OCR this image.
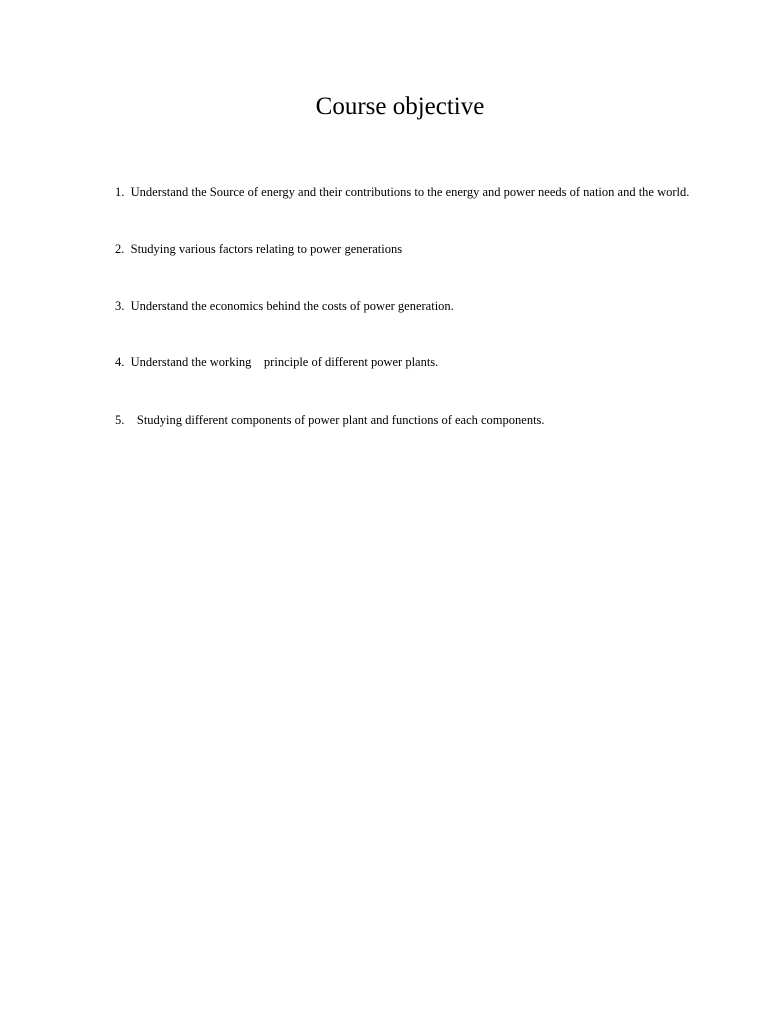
Course objective
1.  Understand the Source of energy and their contributions to the energy and power needs of nation and the world.
2.  Studying various factors relating to power generations
3.  Understand the economics behind the costs of power generation.
4.  Understand the working    principle of different power plants.
5.    Studying different components of power plant and functions of each components.
